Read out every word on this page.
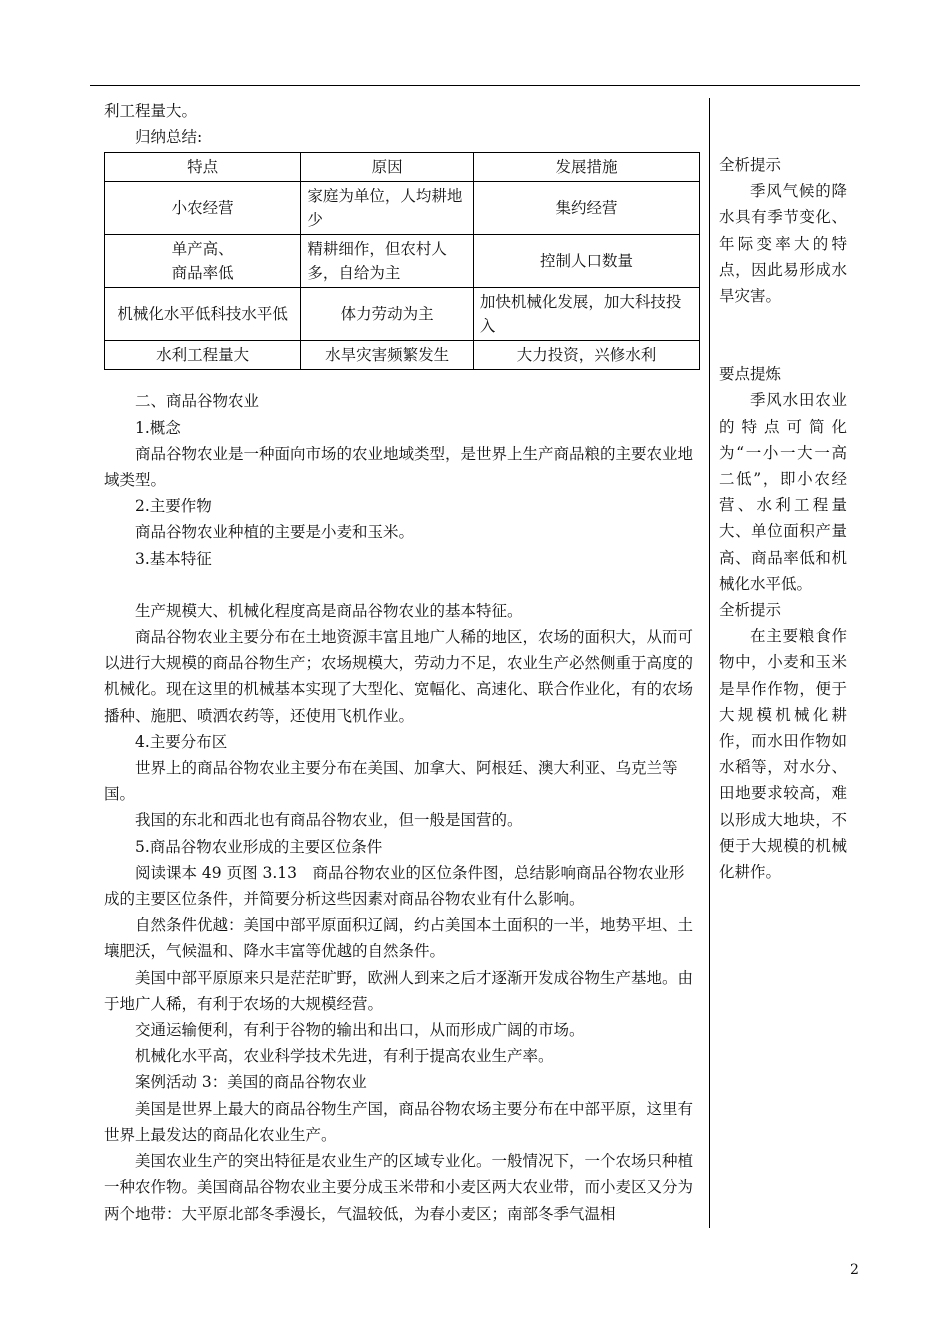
利工程量大。

归纳总结:

特点	原因	发展措施
小农经营	家庭为单位，人均耕地少	集约经营
单产高、
商品率低	精耕细作，但农村人多，自给为主	控制人口数量
机械化水平低科技水平低	体力劳动为主	加快机械化发展，加大科技投入
水利工程量大	水旱灾害频繁发生	大力投资，兴修水利

二、商品谷物农业

1.概念

商品谷物农业是一种面向市场的农业地域类型，是世界上生产商品粮的主要农业地域类型。

2.主要作物

商品谷物农业种植的主要是小麦和玉米。

3.基本特征

生产规模大、机械化程度高是商品谷物农业的基本特征。

商品谷物农业主要分布在土地资源丰富且地广人稀的地区，农场的面积大，从而可以进行大规模的商品谷物生产；农场规模大，劳动力不足，农业生产必然侧重于高度的机械化。现在这里的机械基本实现了大型化、宽幅化、高速化、联合作业化，有的农场播种、施肥、喷洒农药等，还使用飞机作业。

4.主要分布区

世界上的商品谷物农业主要分布在美国、加拿大、阿根廷、澳大利亚、乌克兰等国。

我国的东北和西北也有商品谷物农业，但一般是国营的。

5.商品谷物农业形成的主要区位条件

阅读课本 49 页图 3.13　商品谷物农业的区位条件图，总结影响商品谷物农业形成的主要区位条件，并简要分析这些因素对商品谷物农业有什么影响。

自然条件优越：美国中部平原面积辽阔，约占美国本土面积的一半，地势平坦、土壤肥沃，气候温和、降水丰富等优越的自然条件。

美国中部平原原来只是茫茫旷野，欧洲人到来之后才逐渐开发成谷物生产基地。由于地广人稀，有利于农场的大规模经营。

交通运输便利，有利于谷物的输出和出口，从而形成广阔的市场。

机械化水平高，农业科学技术先进，有利于提高农业生产率。

案例活动 3：美国的商品谷物农业

美国是世界上最大的商品谷物生产国，商品谷物农场主要分布在中部平原，这里有世界上最发达的商品化农业生产。

美国农业生产的突出特征是农业生产的区域专业化。一般情况下，一个农场只种植一种农作物。美国商品谷物农业主要分成玉米带和小麦区两大农业带，而小麦区又分为两个地带：大平原北部冬季漫长，气温较低，为春小麦区；南部冬季气温相

全析提示

季风气候的降水具有季节变化、年际变率大的特点，因此易形成水旱灾害。

要点提炼

季风水田农业的特点可简化为“一小一大一高二低”，即小农经营、水利工程量大、单位面积产量高、商品率低和机械化水平低。

全析提示

在主要粮食作物中，小麦和玉米是旱作作物，便于大规模机械化耕作，而水田作物如水稻等，对水分、田地要求较高，难以形成大地块，不便于大规模的机械化耕作。

2
